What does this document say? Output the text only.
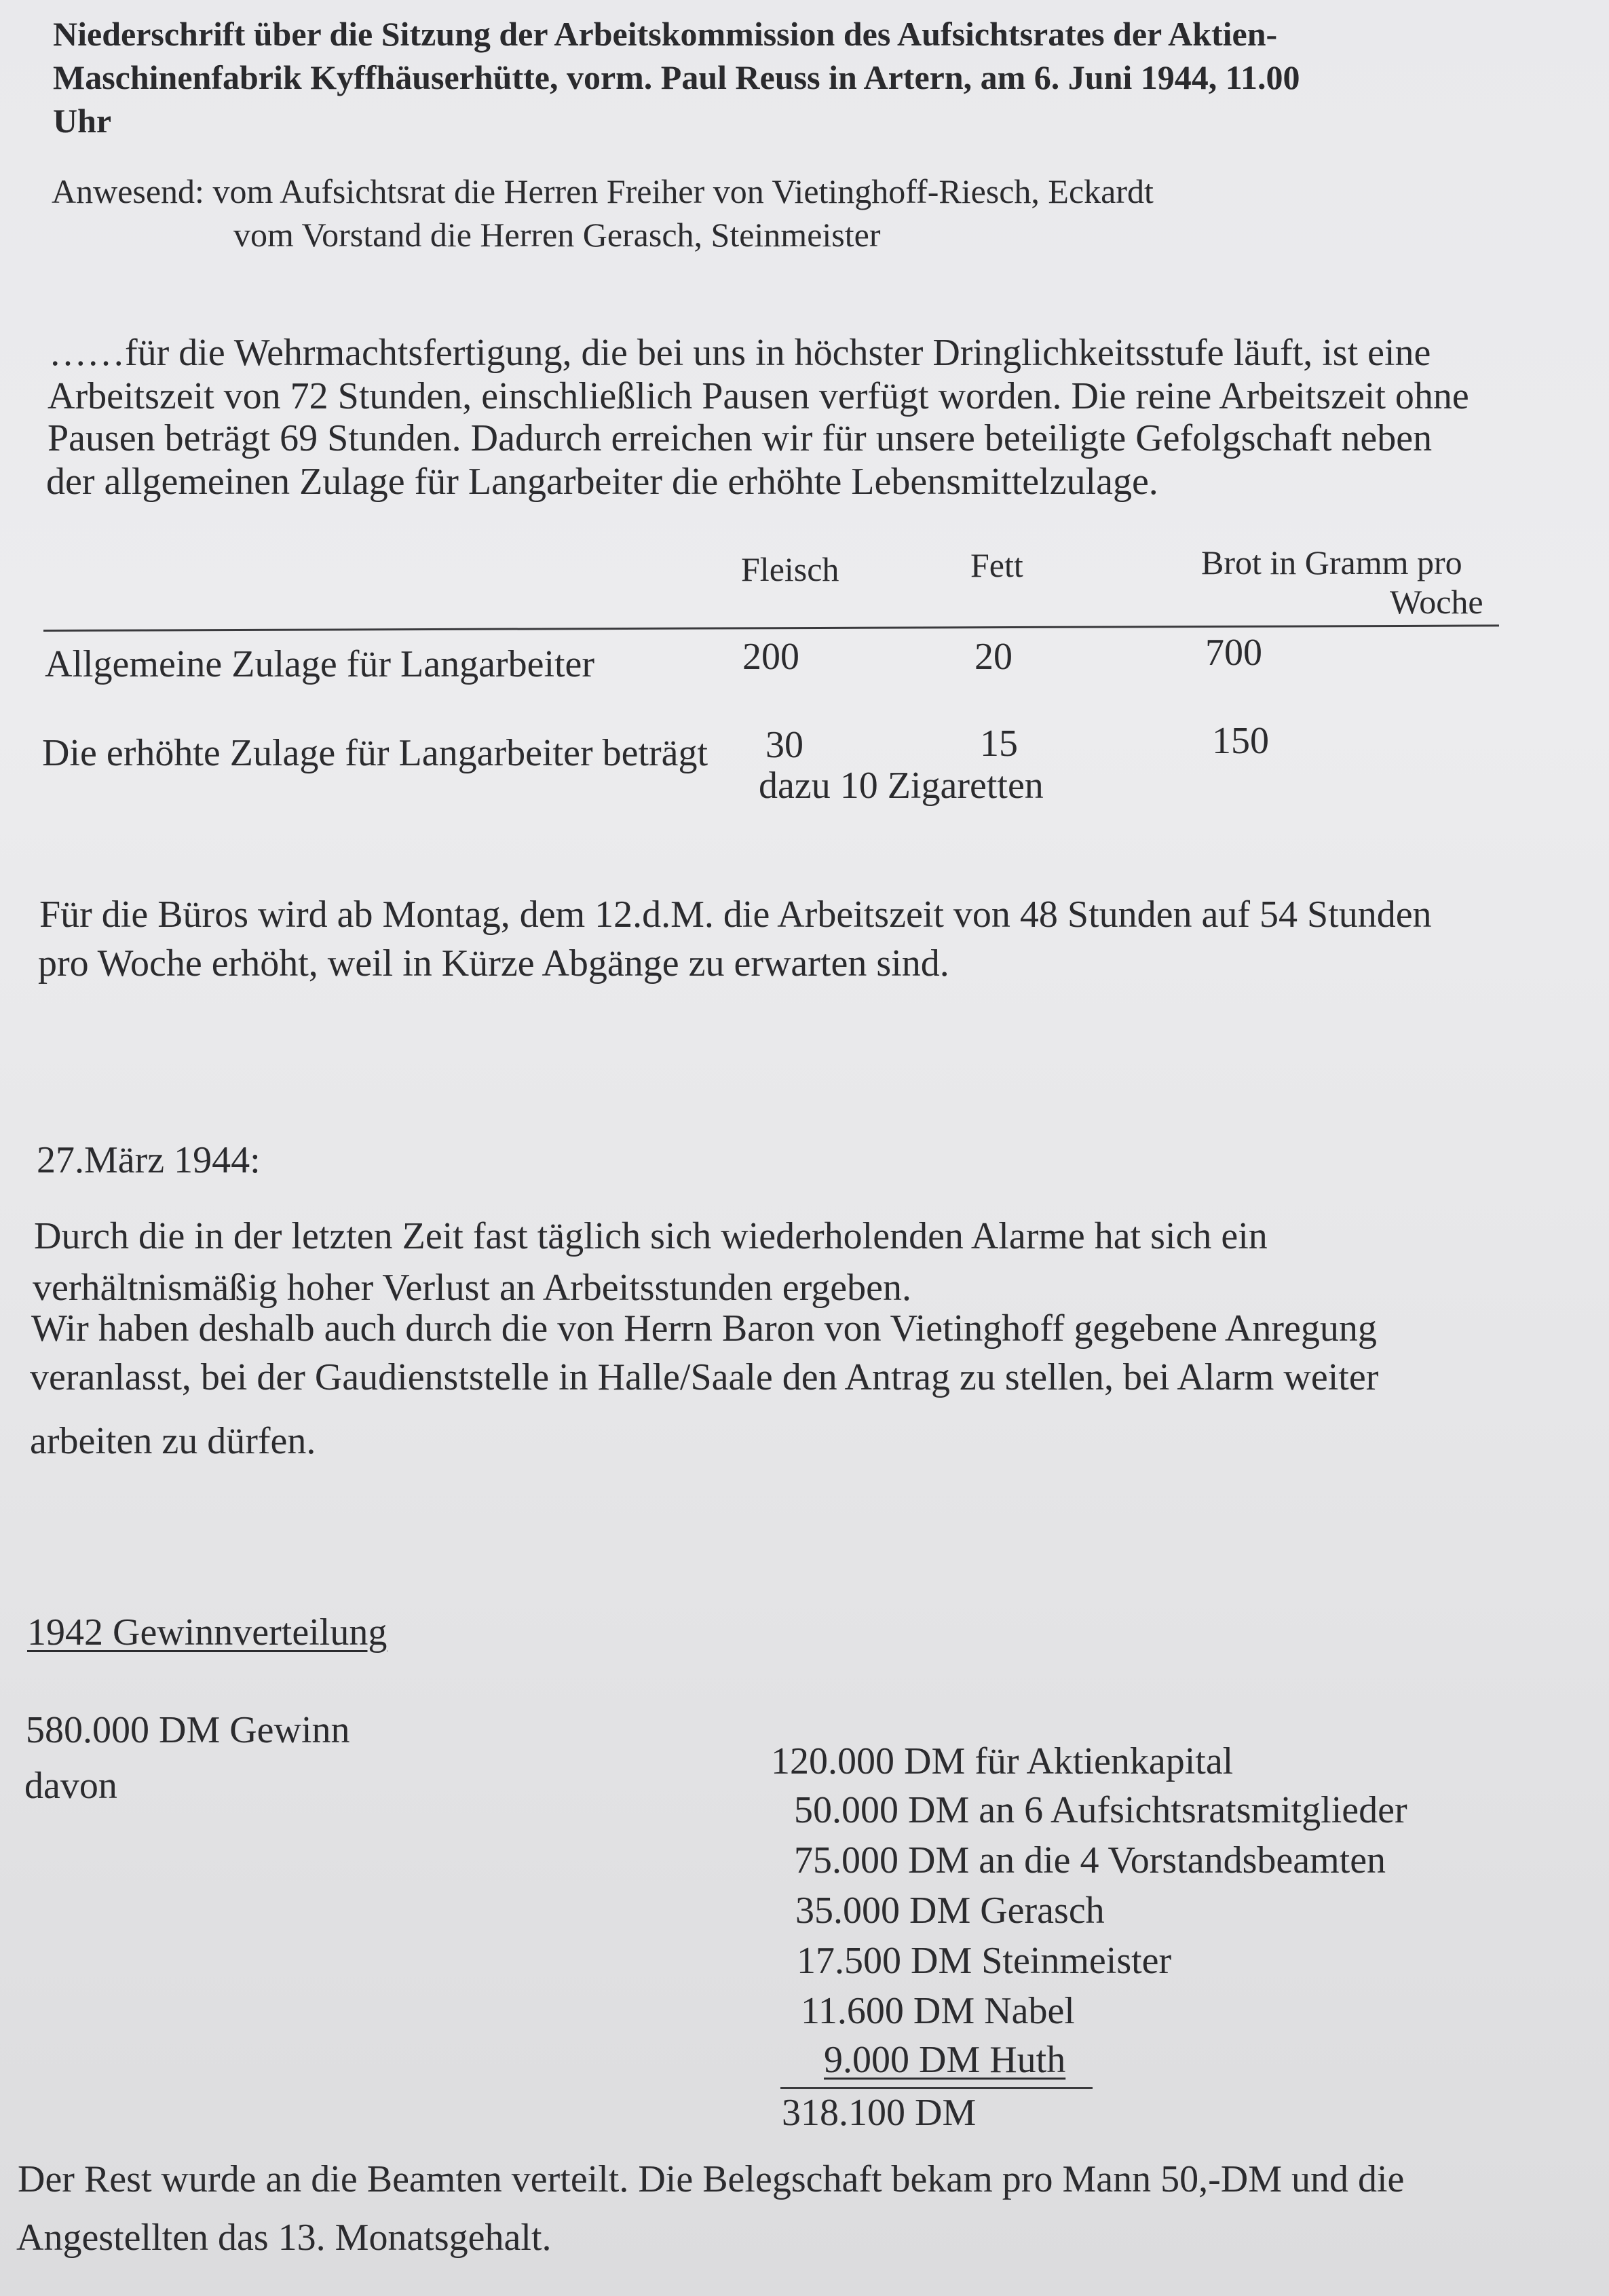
Niederschrift über die Sitzung der Arbeitskommission des Aufsichtsrates der Aktien-
Maschinenfabrik Kyffhäuserhütte, vorm. Paul Reuss in Artern, am 6. Juni 1944, 11.00
Uhr
Anwesend: vom Aufsichtsrat die Herren Freiher von Vietinghoff-Riesch, Eckardt
vom Vorstand die Herren Gerasch, Steinmeister
……für die Wehrmachtsfertigung, die bei uns in höchster Dringlichkeitsstufe läuft, ist eine
Arbeitszeit von 72 Stunden, einschließlich Pausen verfügt worden. Die reine Arbeitszeit ohne
Pausen beträgt 69 Stunden. Dadurch erreichen wir für unsere beteiligte Gefolgschaft neben
der allgemeinen Zulage für Langarbeiter die erhöhte Lebensmittelzulage.
Fleisch	Fett	Brot in Gramm pro
Woche
Allgemeine Zulage für Langarbeiter	200	20	700
Die erhöhte Zulage für Langarbeiter beträgt 30	15	150
dazu 10 Zigaretten
Für die Büros wird ab Montag, dem 12.d.M. die Arbeitszeit von 48 Stunden auf 54 Stunden
pro Woche erhöht, weil in Kürze Abgänge zu erwarten sind.
27.März 1944:
Durch die in der letzten Zeit fast täglich sich wiederholenden Alarme hat sich ein
verhältnismäßig hoher Verlust an Arbeitsstunden ergeben.
Wir haben deshalb auch durch die von Herrn Baron von Vietinghoff gegebene Anregung
veranlasst, bei der Gaudienststelle in Halle/Saale den Antrag zu stellen, bei Alarm weiter
arbeiten zu dürfen.
1942 Gewinnverteilung
580.000 DM Gewinn
davon
120.000 DM für Aktienkapital
50.000 DM an 6 Aufsichtsratsmitglieder
75.000 DM an die 4 Vorstandsbeamten
35.000 DM Gerasch
17.500 DM Steinmeister
11.600 DM Nabel
9.000 DM Huth
318.100 DM
Der Rest wurde an die Beamten verteilt. Die Belegschaft bekam pro Mann 50,-DM und die
Angestellten das 13. Monatsgehalt.
